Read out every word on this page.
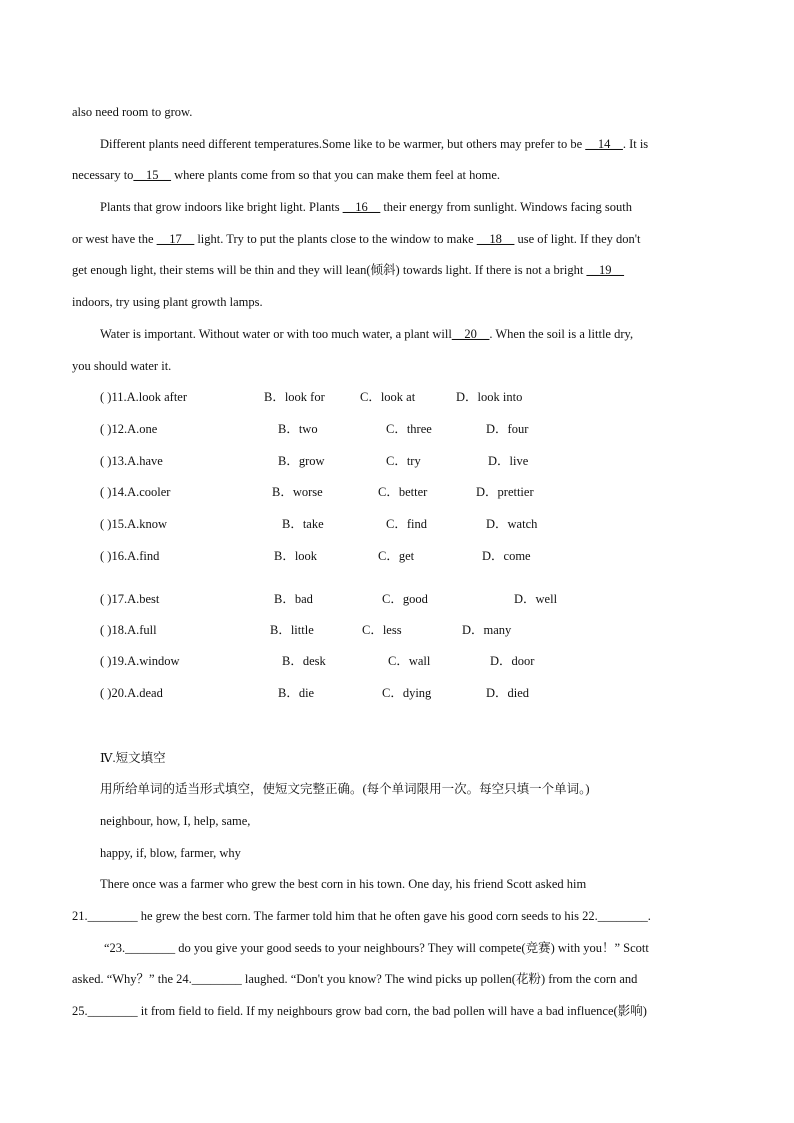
also need room to grow.
Different plants need different temperatures.Some like to be warmer, but others may prefer to be __14__. It is
necessary to__15__ where plants come from so that you can make them feel at home.
Plants that grow indoors like bright light. Plants __16__ their energy from sunlight. Windows facing south
or west have the __17__ light. Try to put the plants close to the window to make __18__ use of light. If they don't
get enough light, their stems will be thin and they will lean(倾斜) towards light. If there is not a bright __19__
indoors, try using plant growth lamps.
Water is important. Without water or with too much water, a plant will__20__. When the soil is a little dry,
you should water it.
( )11.A.look after	B．look for	C．look at	D．look into
( )12.A.one	B．two	C．three	D．four
( )13.A.have	B．grow	C．try	D．live
( )14.A.cooler	B．worse	C．better	D．prettier
( )15.A.know	B．take	C．find	D．watch
( )16.A.find	B．look	C．get	D．come
( )17.A.best	B．bad	C．good	D．well
( )18.A.full	B．little	C．less	D．many
( )19.A.window	B．desk	C．wall	D．door
( )20.A.dead	B．die	C．dying	D．died
Ⅳ.短文填空
用所给单词的适当形式填空，使短文完整正确。(每个单词限用一次。每空只填一个单词。)
neighbour, how, I, help, same,
happy, if, blow, farmer, why
There once was a farmer who grew the best corn in his town. One day, his friend Scott asked him
21.________ he grew the best corn. The farmer told him that he often gave his good corn seeds to his 22.________.
“23.________ do you give your good seeds to your neighbours? They will compete(竞赛) with you！” Scott
asked. “Why？” the 24.________ laughed. “Don't you know? The wind picks up pollen(花粉) from the corn and
25.________ it from field to field. If my neighbours grow bad corn, the bad pollen will have a bad influence(影响)
